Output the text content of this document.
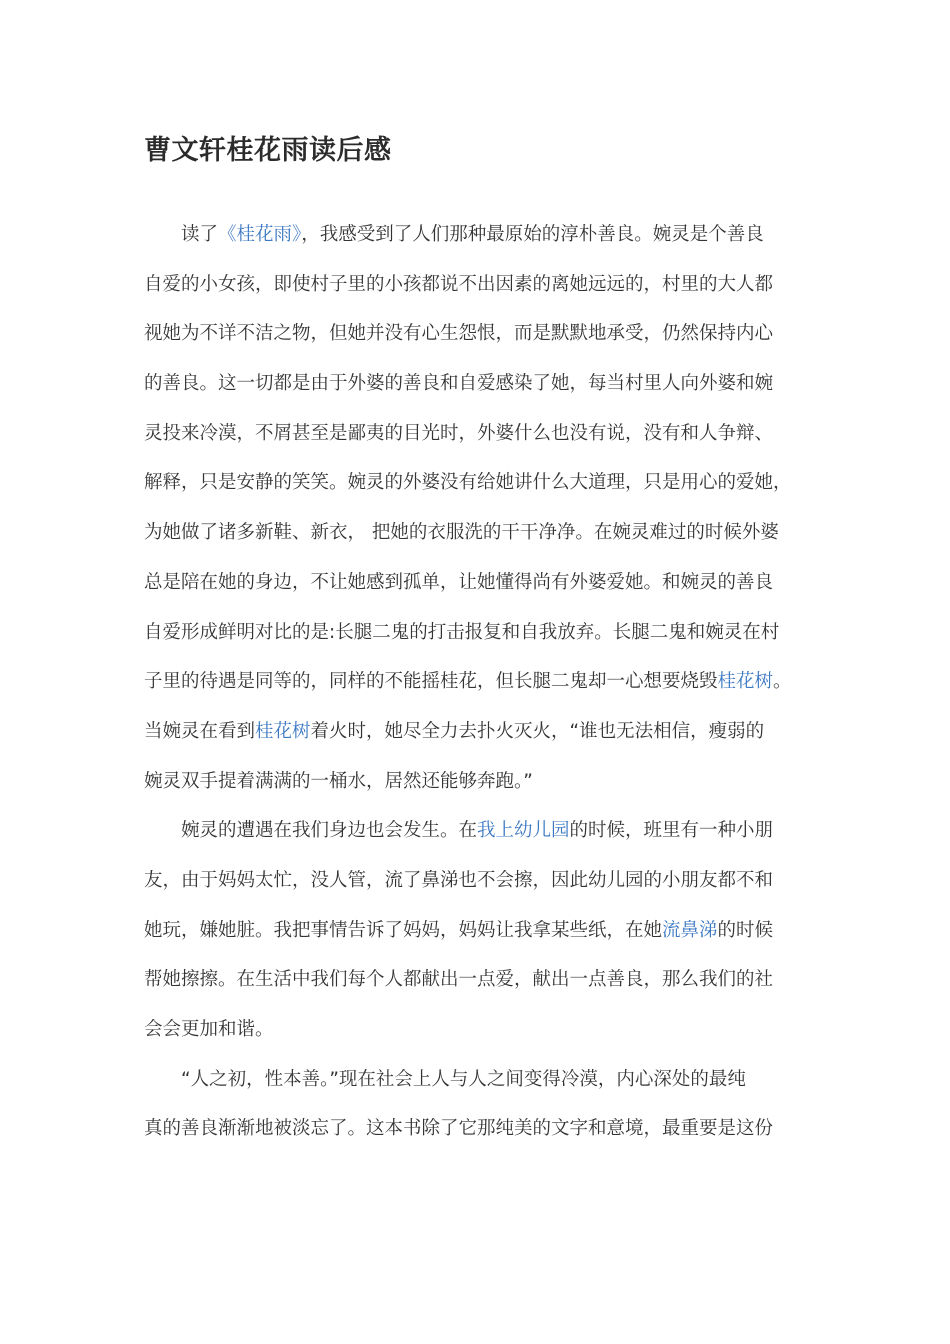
曹文轩桂花雨读后感
读了《桂花雨》，我感受到了人们那种最原始的淳朴善良。婉灵是个善良
自爱的小女孩，即使村子里的小孩都说不出因素的离她远远的，村里的大人都
视她为不详不洁之物，但她并没有心生怨恨，而是默默地承受，仍然保持内心
的善良。这一切都是由于外婆的善良和自爱感染了她，每当村里人向外婆和婉
灵投来冷漠，不屑甚至是鄙夷的目光时，外婆什么也没有说，没有和人争辩、
解释，只是安静的笑笑。婉灵的外婆没有给她讲什么大道理，只是用心的爱她，
为她做了诸多新鞋、新衣， 把她的衣服洗的干干净净。在婉灵难过的时候外婆
总是陪在她的身边，不让她感到孤单，让她懂得尚有外婆爱她。和婉灵的善良
自爱形成鲜明对比的是:长腿二鬼的打击报复和自我放弃。长腿二鬼和婉灵在村
子里的待遇是同等的，同样的不能摇桂花，但长腿二鬼却一心想要烧毁桂花树。
当婉灵在看到桂花树着火时，她尽全力去扑火灭火，“谁也无法相信，瘦弱的
婉灵双手提着满满的一桶水，居然还能够奔跑。”
婉灵的遭遇在我们身边也会发生。在我上幼儿园的时候，班里有一种小朋
友，由于妈妈太忙，没人管，流了鼻涕也不会擦，因此幼儿园的小朋友都不和
她玩，嫌她脏。我把事情告诉了妈妈，妈妈让我拿某些纸，在她流鼻涕的时候
帮她擦擦。在生活中我们每个人都献出一点爱，献出一点善良，那么我们的社
会会更加和谐。
“人之初，性本善。”现在社会上人与人之间变得冷漠，内心深处的最纯
真的善良渐渐地被淡忘了。这本书除了它那纯美的文字和意境，最重要是这份
